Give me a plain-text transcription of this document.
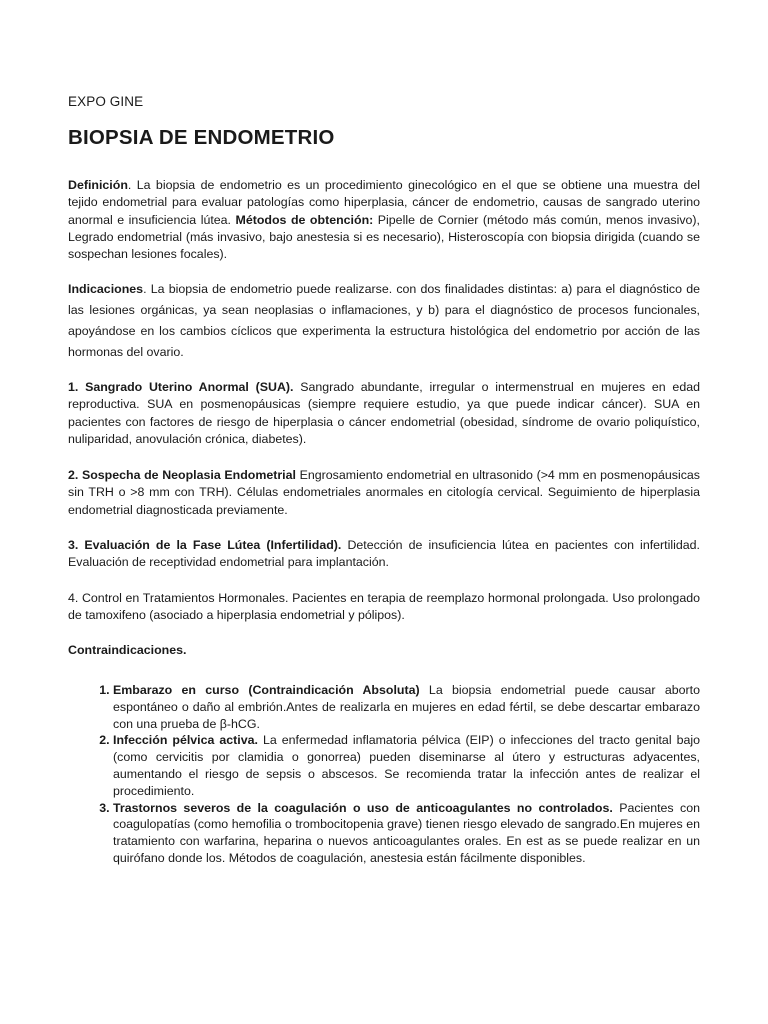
EXPO GINE
BIOPSIA DE ENDOMETRIO

Definición. La biopsia de endometrio es un procedimiento ginecológico en el que se obtiene una muestra del tejido endometrial para evaluar patologías como hiperplasia, cáncer de endometrio, causas de sangrado uterino anormal e insuficiencia lútea. Métodos de obtención: Pipelle de Cornier (método más común, menos invasivo), Legrado endometrial (más invasivo, bajo anestesia si es necesario), Histeroscopía con biopsia dirigida (cuando se sospechan lesiones focales).

Indicaciones. La biopsia de endometrio puede realizarse. con dos finalidades distintas: a) para el diagnóstico de las lesiones orgánicas, ya sean neoplasias o inflamaciones, y b) para el diagnóstico de procesos funcionales, apoyándose en los cambios cíclicos que experimenta la estructura histológica del endometrio por acción de las hormonas del ovario.

1. Sangrado Uterino Anormal (SUA). Sangrado abundante, irregular o intermenstrual en mujeres en edad reproductiva. SUA en posmenopáusicas (siempre requiere estudio, ya que puede indicar cáncer). SUA en pacientes con factores de riesgo de hiperplasia o cáncer endometrial (obesidad, síndrome de ovario poliquístico, nuliparidad, anovulación crónica, diabetes).

2. Sospecha de Neoplasia Endometrial Engrosamiento endometrial en ultrasonido (>4 mm en posmenopáusicas sin TRH o >8 mm con TRH). Células endometriales anormales en citología cervical. Seguimiento de hiperplasia endometrial diagnosticada previamente.

3. Evaluación de la Fase Lútea (Infertilidad). Detección de insuficiencia lútea en pacientes con infertilidad. Evaluación de receptividad endometrial para implantación.

4. Control en Tratamientos Hormonales. Pacientes en terapia de reemplazo hormonal prolongada. Uso prolongado de tamoxifeno (asociado a hiperplasia endometrial y pólipos).

Contraindicaciones.

1. Embarazo en curso (Contraindicación Absoluta) La biopsia endometrial puede causar aborto espontáneo o daño al embrión.Antes de realizarla en mujeres en edad fértil, se debe descartar embarazo con una prueba de β-hCG.
2. Infección pélvica activa. La enfermedad inflamatoria pélvica (EIP) o infecciones del tracto genital bajo (como cervicitis por clamidia o gonorrea) pueden diseminarse al útero y estructuras adyacentes, aumentando el riesgo de sepsis o abscesos. Se recomienda tratar la infección antes de realizar el procedimiento.
3. Trastornos severos de la coagulación o uso de anticoagulantes no controlados. Pacientes con coagulopatías (como hemofilia o trombocitopenia grave) tienen riesgo elevado de sangrado.En mujeres en tratamiento con warfarina, heparina o nuevos anticoagulantes orales. En est as se puede realizar en un quirófano donde los. Métodos de coagulación, anestesia están fácilmente disponibles.
